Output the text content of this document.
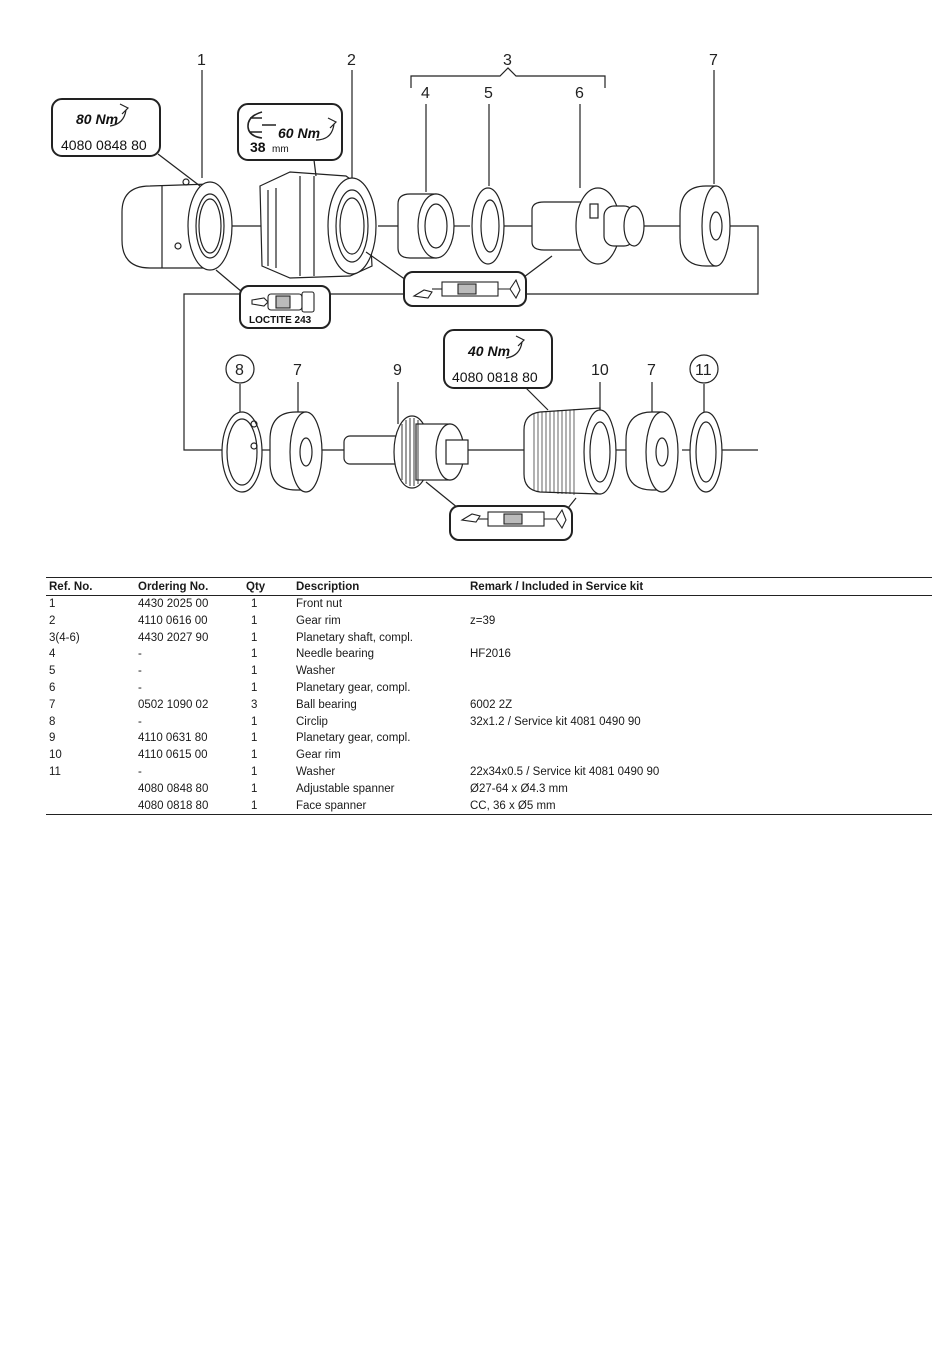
1	2	3
4	5	6
7
8	7	9	10 7 11
80 Nm
4080 0848 80
60 Nm
38 mm
LOCTITE 243
40 Nm
4080 0818 80
Ref. No.	Ordering No.	Qty	Description	Remark / Included in Service kit
1	4430 2025 00	1	Front nut	
2	4110 0616 00	1	Gear rim	z=39
3(4-6)	4430 2027 90	1	Planetary shaft, compl.	
4	-	1	Needle bearing	HF2016
5	-	1	Washer	
6	-	1	Planetary gear, compl.	
7	0502 1090 02	3	Ball bearing	6002 2Z
8	-	1	Circlip	32x1.2 / Service kit 4081 0490 90
9	4110 0631 80	1	Planetary gear, compl.	
10	4110 0615 00	1	Gear rim	
11	-	1	Washer	22x34x0.5 / Service kit 4081 0490 90
	4080 0848 80	1	Adjustable spanner	Ø27-64 x Ø4.3 mm
	4080 0818 80	1	Face spanner	CC, 36 x Ø5 mm
